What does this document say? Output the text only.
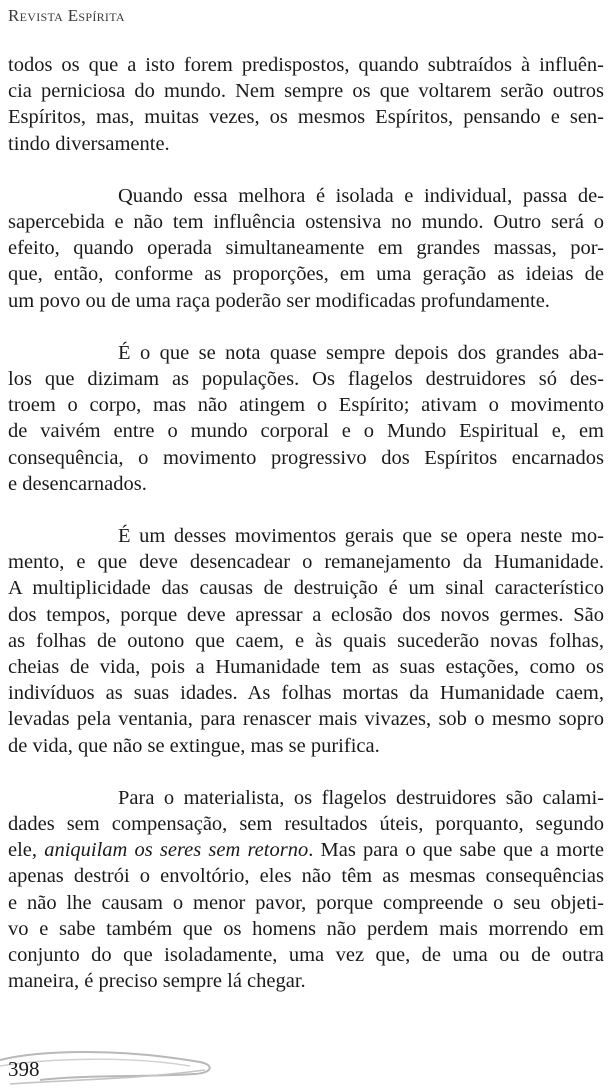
Revista Espírita

todos os que a isto forem predispostos, quando subtraídos à influên-
cia perniciosa do mundo. Nem sempre os que voltarem serão outros
Espíritos, mas, muitas vezes, os mesmos Espíritos, pensando e sen-
tindo diversamente.

Quando essa melhora é isolada e individual, passa de-
sapercebida e não tem influência ostensiva no mundo. Outro será o
efeito, quando operada simultaneamente em grandes massas, por-
que, então, conforme as proporções, em uma geração as ideias de
um povo ou de uma raça poderão ser modificadas profundamente.

É o que se nota quase sempre depois dos grandes aba-
los que dizimam as populações. Os flagelos destruidores só des-
troem o corpo, mas não atingem o Espírito; ativam o movimento
de vaivém entre o mundo corporal e o Mundo Espiritual e, em
consequência, o movimento progressivo dos Espíritos encarnados
e desencarnados.

É um desses movimentos gerais que se opera neste mo-
mento, e que deve desencadear o remanejamento da Humanidade.
A multiplicidade das causas de destruição é um sinal característico
dos tempos, porque deve apressar a eclosão dos novos germes. São
as folhas de outono que caem, e às quais sucederão novas folhas,
cheias de vida, pois a Humanidade tem as suas estações, como os
indivíduos as suas idades. As folhas mortas da Humanidade caem,
levadas pela ventania, para renascer mais vivazes, sob o mesmo sopro
de vida, que não se extingue, mas se purifica.

Para o materialista, os flagelos destruidores são calami-
dades sem compensação, sem resultados úteis, porquanto, segundo
ele, aniquilam os seres sem retorno. Mas para o que sabe que a morte
apenas destrói o envoltório, eles não têm as mesmas consequências
e não lhe causam o menor pavor, porque compreende o seu objeti-
vo e sabe também que os homens não perdem mais morrendo em
conjunto do que isoladamente, uma vez que, de uma ou de outra
maneira, é preciso sempre lá chegar.

398
